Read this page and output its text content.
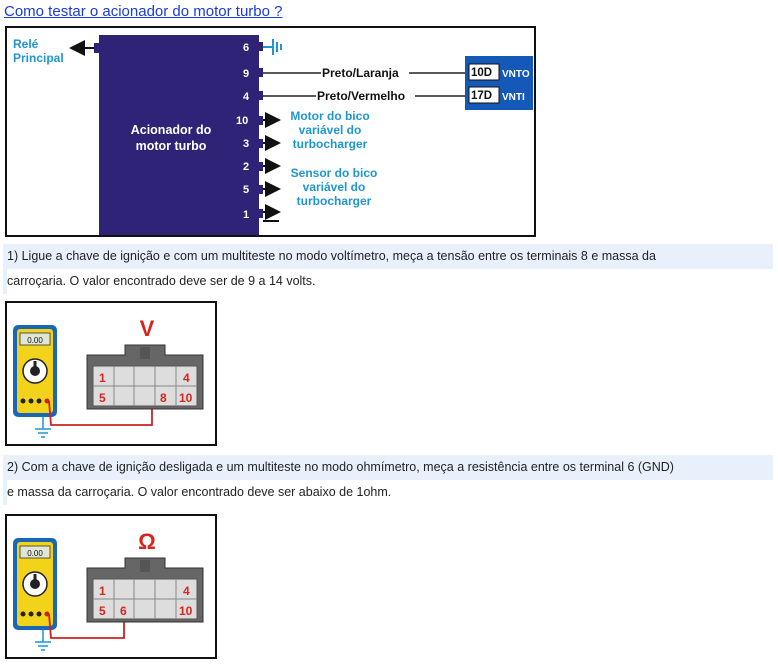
Como testar o acionador do motor turbo ?
Relé
Principal
Acionador do
motor turbo
6
9
4
10
3
2
5
1
Preto/Laranja
Preto/Vermelho
10D VNTO
17D VNTI
Motor do bico
variável do
turbocharger
Sensor do bico
variável do
turbocharger
1) Ligue a chave de ignição e com um multiteste no modo voltímetro, meça a tensão entre os terminais 8 e massa da
carroçaria. O valor encontrado deve ser de 9 a 14 volts.
0.00	V
1	4
5	8 10
2) Com a chave de ignição desligada e um multiteste no modo ohmímetro, meça a resistência entre os terminal 6 (GND)
e massa da carroçaria. O valor encontrado deve ser abaixo de 1ohm.
0.00	Ω
1	4
5 6	10
